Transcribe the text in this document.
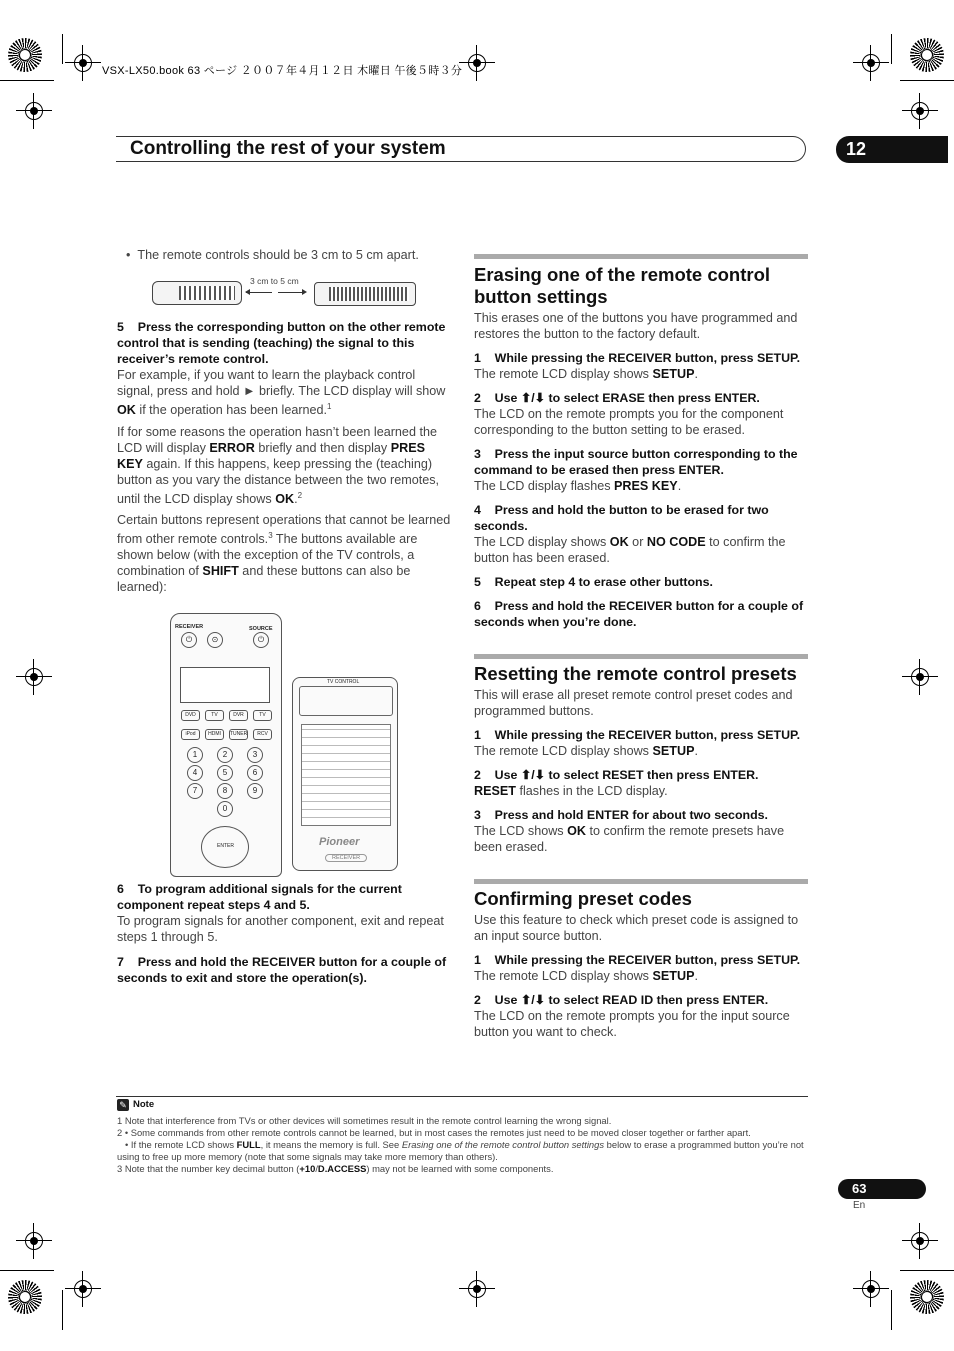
VSX-LX50.book 63 ページ ２００７年４月１２日 木曜日 午後５時３分
Controlling the rest of your system	12
•  The remote controls should be 3 cm to 5 cm apart.
3 cm to 5 cm
5 Press the corresponding button on the other remote control that is sending (teaching) the signal to this receiver’s remote control.
For example, if you want to learn the playback control signal, press and hold ► briefly. The LCD display will show OK if the operation has been learned.$^1$
If for some reasons the operation hasn’t been learned the LCD will display ERROR briefly and then display PRES KEY again. If this happens, keep pressing the (teaching) button as you vary the distance between the two remotes, until the LCD display shows OK.$^2$
Certain buttons represent operations that cannot be learned from other remote controls.$^3$ The buttons available are shown below (with the exception of the TV controls, a combination of SHIFT and these buttons can also be learned):
RECEIVER
⏻	⊙
SOURCE
⏻
DVD	TV	DVR	TV
iPod	HDMI	TUNER	RCV
1	2	3
4	5	6
7	8	9
0
ENTER
TV CONTROL
Pioneer
RECEIVER
6 To program additional signals for the current component repeat steps 4 and 5.
To program signals for another component, exit and repeat steps 1 through 5.
7 Press and hold the RECEIVER button for a couple of seconds to exit and store the operation(s).
Erasing one of the remote control button settings
This erases one of the buttons you have programmed and restores the button to the factory default.
1    While pressing the RECEIVER button, press SETUP.
The remote LCD display shows SETUP.
2    Use ⬆/⬇ to select ERASE then press ENTER.
The LCD on the remote prompts you for the component corresponding to the button setting to be erased.
3    Press the input source button corresponding to the command to be erased then press ENTER.
The LCD display flashes PRES KEY.
4    Press and hold the button to be erased for two seconds.
The LCD display shows OK or NO CODE to confirm the button has been erased.
5    Repeat step 4 to erase other buttons.
6    Press and hold the RECEIVER button for a couple of seconds when you’re done.
Resetting the remote control presets
This will erase all preset remote control preset codes and programmed buttons.
1    While pressing the RECEIVER button, press SETUP.
The remote LCD display shows SETUP.
2    Use ⬆/⬇ to select RESET then press ENTER.
RESET flashes in the LCD display.
3    Press and hold ENTER for about two seconds.
The LCD shows OK to confirm the remote presets have been erased.
Confirming preset codes
Use this feature to check which preset code is assigned to an input source button.
1    While pressing the RECEIVER button, press SETUP.
The remote LCD display shows SETUP.
2    Use ⬆/⬇ to select READ ID then press ENTER.
The LCD on the remote prompts you for the input source button you want to check.
✎ Note
1 Note that interference from TVs or other devices will sometimes result in the remote control learning the wrong signal.
2 • Some commands from other remote controls cannot be learned, but in most cases the remotes just need to be moved closer together or farther apart.
• If the remote LCD shows FULL, it means the memory is full. See Erasing one of the remote control button settings below to erase a programmed button you’re not using to free up more memory (note that some signals may take more memory than others).
3 Note that the number key decimal button (+10/D.ACCESS) may not be learned with some components.
63
En
